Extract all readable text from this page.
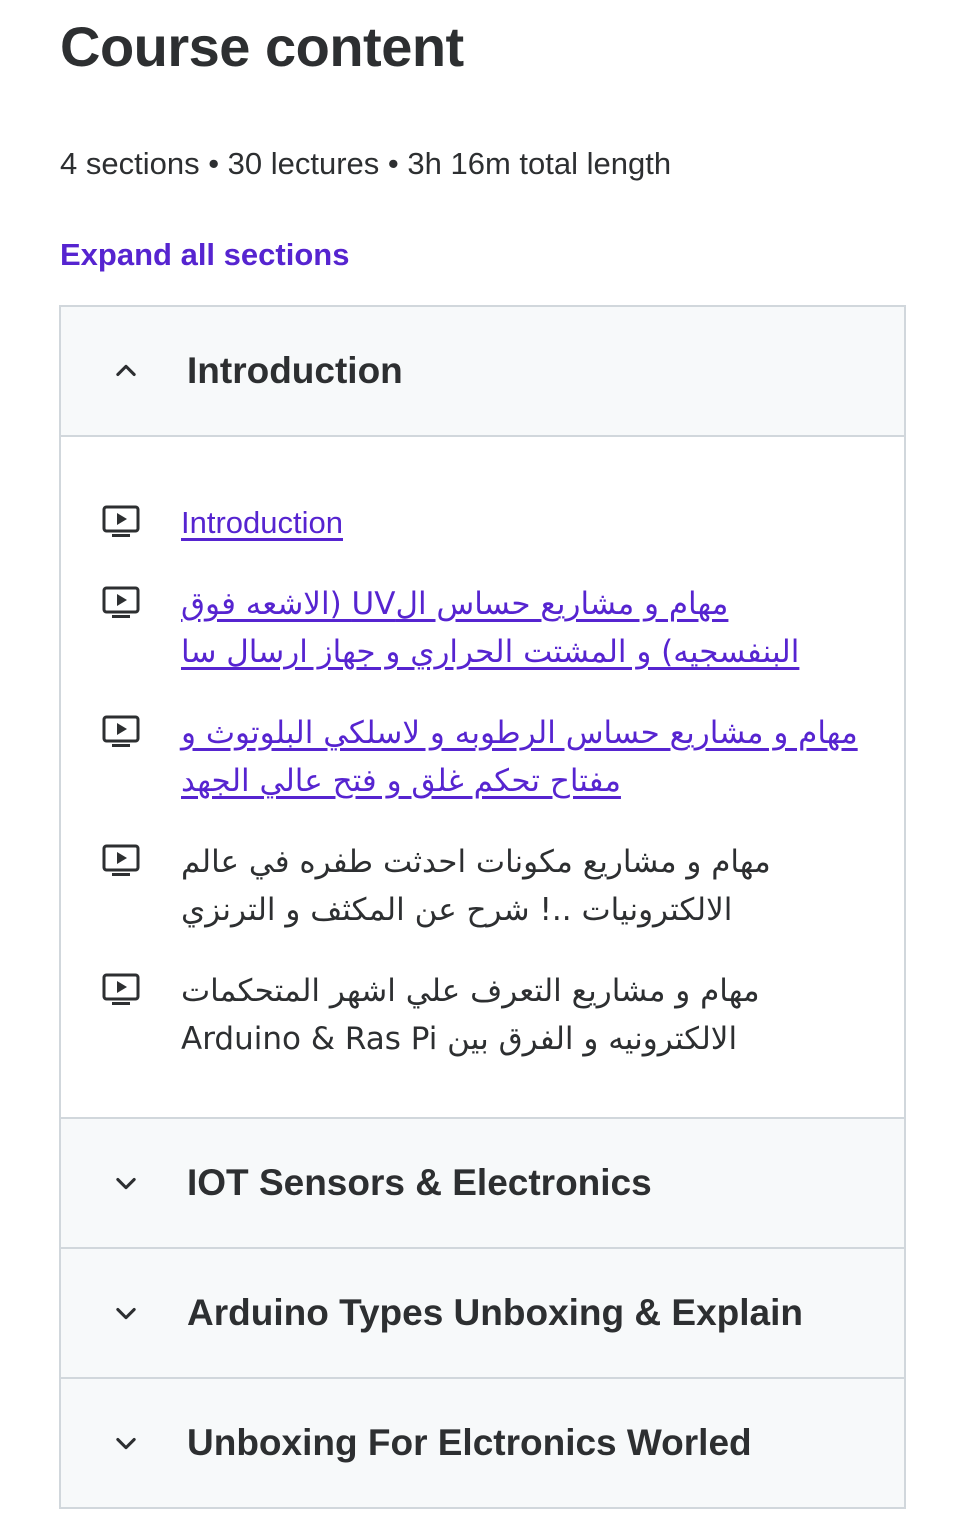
Course content
4 sections • 30 lectures • 3h 16m total length
Expand all sections
Introduction
Introduction
مهام و مشاريع حساس الUV (الاشعه فوق البنفسجيه) و المشتت الحراري و جهاز ارسال سا
مهام و مشاريع حساس الرطوبه و لاسلكي البلوتوث و مفتاح تحكم غلق و فتح عالي الجهد
مهام و مشاريع مكونات احدثت طفره في عالم الالكترونيات ..! شرح عن المكثف و الترنزي
مهام و مشاريع التعرف علي اشهر المتحكمات الالكترونيه و الفرق بين Arduino & Ras Pi
IOT Sensors & Electronics
Arduino Types Unboxing & Explain
Unboxing For Elctronics Worled
